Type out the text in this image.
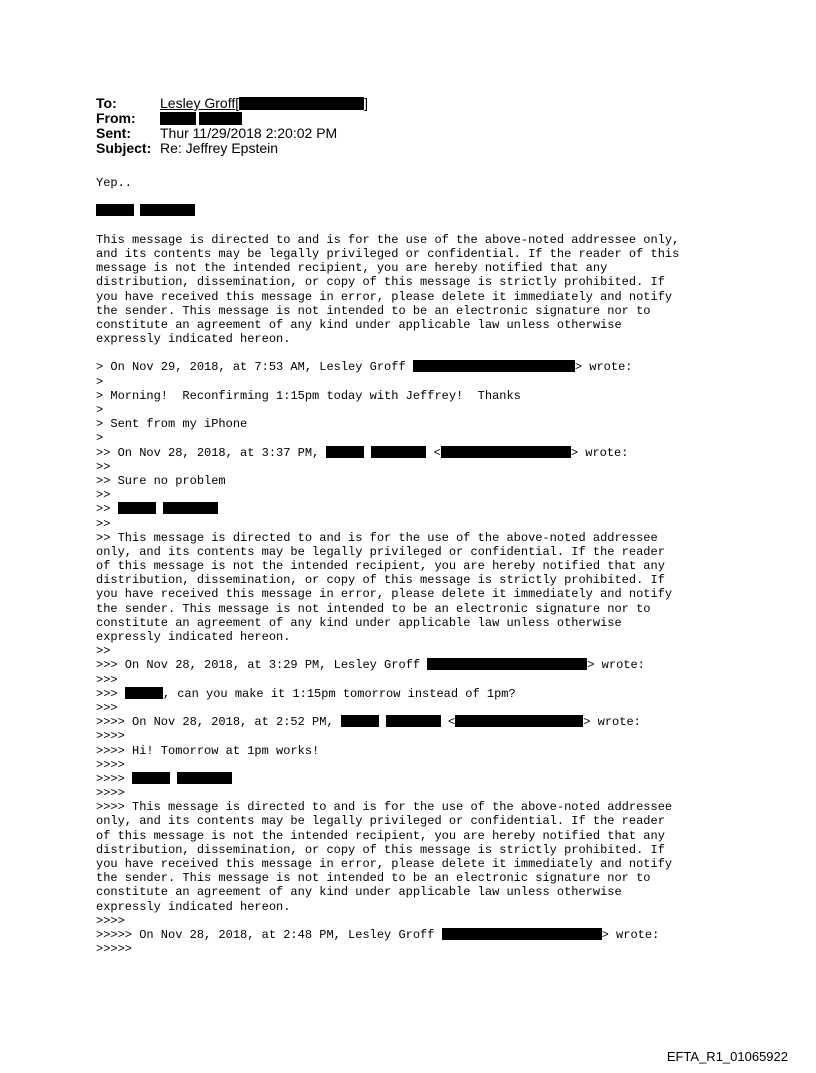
To:	Lesley Groff [	]
From:
Sent:	Thur 11/29/2018 2:20:02 PM
Subject: Re: Jeffrey Epstein
Yep..
This message is directed to and is for the use of the above-noted addressee only,
and its contents may be legally privileged or confidential. If the reader of this
message is not the intended recipient, you are hereby notified that any
distribution, dissemination, or copy of this message is strictly prohibited. If
you have received this message in error, please delete it immediately and notify
the sender. This message is not intended to be an electronic signature nor to
constitute an agreement of any kind under applicable law unless otherwise
expressly indicated hereon.
> On Nov 29, 2018, at 7:53 AM, Lesley Groff	> wrote:
>
> Morning!  Reconfirming 1:15pm today with Jeffrey!  Thanks
>
> Sent from my iPhone
>
>> On Nov 28, 2018, at 3:37 PM,	<	> wrote:
>>
>> Sure no problem
>>
>>
>>
>> This message is directed to and is for the use of the above-noted addressee
only, and its contents may be legally privileged or confidential. If the reader
of this message is not the intended recipient, you are hereby notified that any
distribution, dissemination, or copy of this message is strictly prohibited. If
you have received this message in error, please delete it immediately and notify
the sender. This message is not intended to be an electronic signature nor to
constitute an agreement of any kind under applicable law unless otherwise
expressly indicated hereon.
>>
>>> On Nov 28, 2018, at 3:29 PM, Lesley Groff	> wrote:
>>>
>>>	, can you make it 1:15pm tomorrow instead of 1pm?
>>>
>>>> On Nov 28, 2018, at 2:52 PM,	<	> wrote:
>>>>
>>>> Hi! Tomorrow at 1pm works!
>>>>
>>>>
>>>>
>>>> This message is directed to and is for the use of the above-noted addressee
only, and its contents may be legally privileged or confidential. If the reader
of this message is not the intended recipient, you are hereby notified that any
distribution, dissemination, or copy of this message is strictly prohibited. If
you have received this message in error, please delete it immediately and notify
the sender. This message is not intended to be an electronic signature nor to
constitute an agreement of any kind under applicable law unless otherwise
expressly indicated hereon.
>>>>
>>>>> On Nov 28, 2018, at 2:48 PM, Lesley Groff	> wrote:
>>>>>
EFTA_R1_01065922
